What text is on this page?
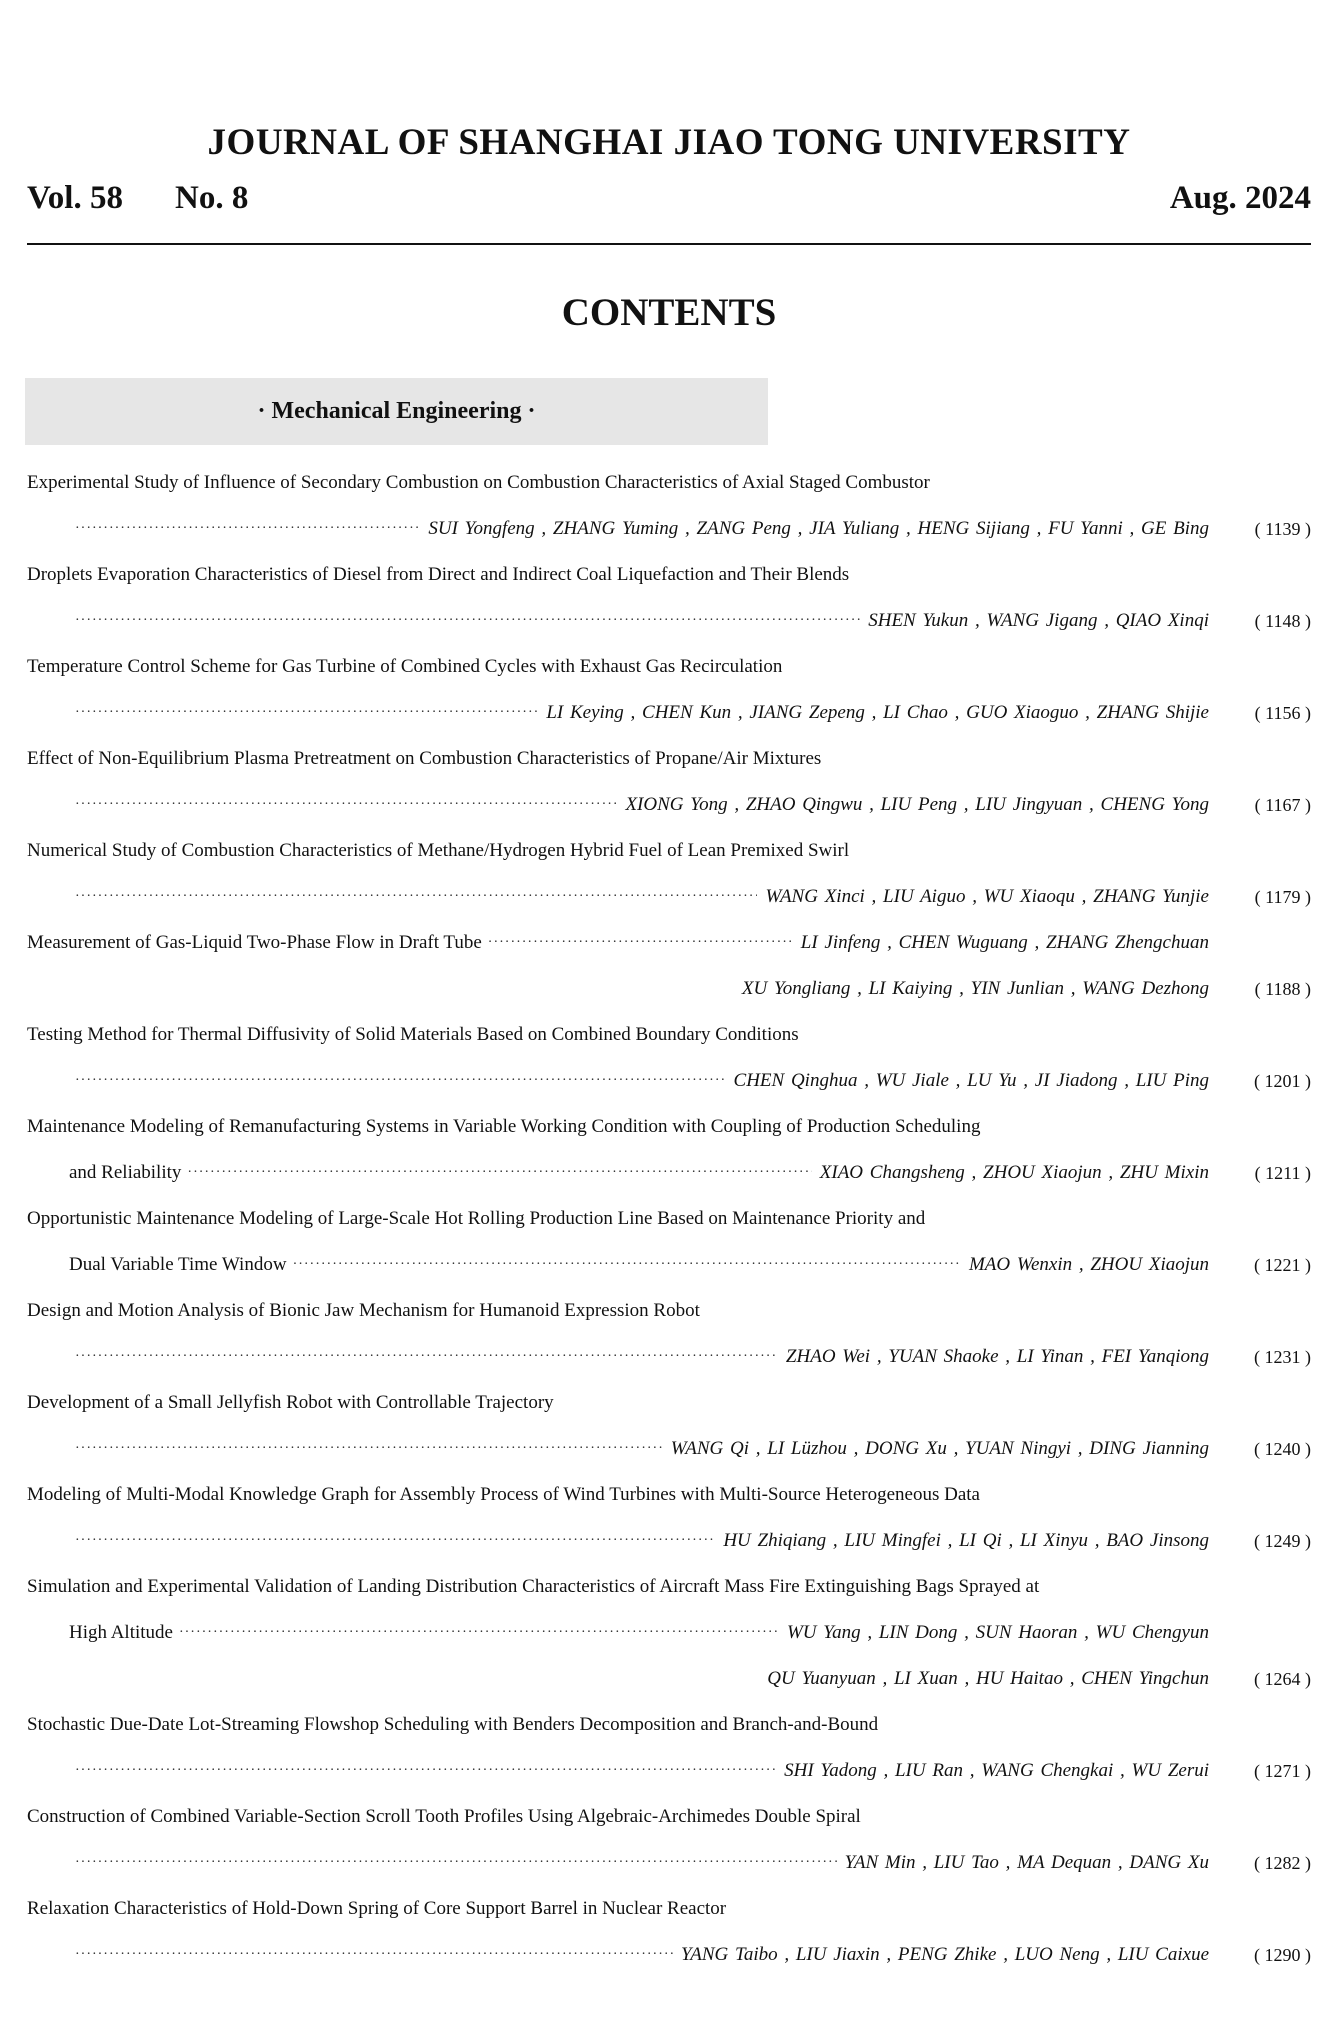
JOURNAL OF SHANGHAI JIAO TONG UNIVERSITY
Vol. 58 No. 8	Aug. 2024
CONTENTS
· Mechanical Engineering ·
Experimental Study of Influence of Secondary Combustion on Combustion Characteristics of Axial Staged Combustor
·····
SUI Yongfeng , ZHANG Yuming , ZANG Peng , JIA Yuliang , HENG Sijiang , FU Yanni , GE Bing	( 1139 )
Droplets Evaporation Characteristics of Diesel from Direct and Indirect Coal Liquefaction and Their Blends
·····
SHEN Yukun , WANG Jigang , QIAO Xinqi	( 1148 )
Temperature Control Scheme for Gas Turbine of Combined Cycles with Exhaust Gas Recirculation
·····
LI Keying , CHEN Kun , JIANG Zepeng , LI Chao , GUO Xiaoguo , ZHANG Shijie	( 1156 )
Effect of Non-Equilibrium Plasma Pretreatment on Combustion Characteristics of Propane/Air Mixtures
·····
XIONG Yong , ZHAO Qingwu , LIU Peng , LIU Jingyuan , CHENG Yong	( 1167 )
Numerical Study of Combustion Characteristics of Methane/Hydrogen Hybrid Fuel of Lean Premixed Swirl
·····
WANG Xinci , LIU Aiguo , WU Xiaoqu , ZHANG Yunjie	( 1179 )
Measurement of Gas-Liquid Two-Phase Flow in Draft Tube ·····	LI Jinfeng , CHEN Wuguang , ZHANG Zhengchuan
XU Yongliang , LI Kaiying , YIN Junlian , WANG Dezhong	( 1188 )
Testing Method for Thermal Diffusivity of Solid Materials Based on Combined Boundary Conditions
·····
CHEN Qinghua , WU Jiale , LU Yu , JI Jiadong , LIU Ping	( 1201 )
Maintenance Modeling of Remanufacturing Systems in Variable Working Condition with Coupling of Production Scheduling
and Reliability ·····	XIAO Changsheng , ZHOU Xiaojun , ZHU Mixin	( 1211 )
Opportunistic Maintenance Modeling of Large-Scale Hot Rolling Production Line Based on Maintenance Priority and
Dual Variable Time Window ·····	MAO Wenxin , ZHOU Xiaojun	( 1221 )
Design and Motion Analysis of Bionic Jaw Mechanism for Humanoid Expression Robot
·····
ZHAO Wei , YUAN Shaoke , LI Yinan , FEI Yanqiong	( 1231 )
Development of a Small Jellyfish Robot with Controllable Trajectory
·····
WANG Qi , LI Lüzhou , DONG Xu , YUAN Ningyi , DING Jianning	( 1240 )
Modeling of Multi-Modal Knowledge Graph for Assembly Process of Wind Turbines with Multi-Source Heterogeneous Data
·····
HU Zhiqiang , LIU Mingfei , LI Qi , LI Xinyu , BAO Jinsong	( 1249 )
Simulation and Experimental Validation of Landing Distribution Characteristics of Aircraft Mass Fire Extinguishing Bags Sprayed at
High Altitude ·····	WU Yang , LIN Dong , SUN Haoran , WU Chengyun
QU Yuanyuan , LI Xuan , HU Haitao , CHEN Yingchun	( 1264 )
Stochastic Due-Date Lot-Streaming Flowshop Scheduling with Benders Decomposition and Branch-and-Bound
·····
SHI Yadong , LIU Ran , WANG Chengkai , WU Zerui	( 1271 )
Construction of Combined Variable-Section Scroll Tooth Profiles Using Algebraic-Archimedes Double Spiral
·····
YAN Min , LIU Tao , MA Dequan , DANG Xu	( 1282 )
Relaxation Characteristics of Hold-Down Spring of Core Support Barrel in Nuclear Reactor
·····
YANG Taibo , LIU Jiaxin , PENG Zhike , LUO Neng , LIU Caixue	( 1290 )
